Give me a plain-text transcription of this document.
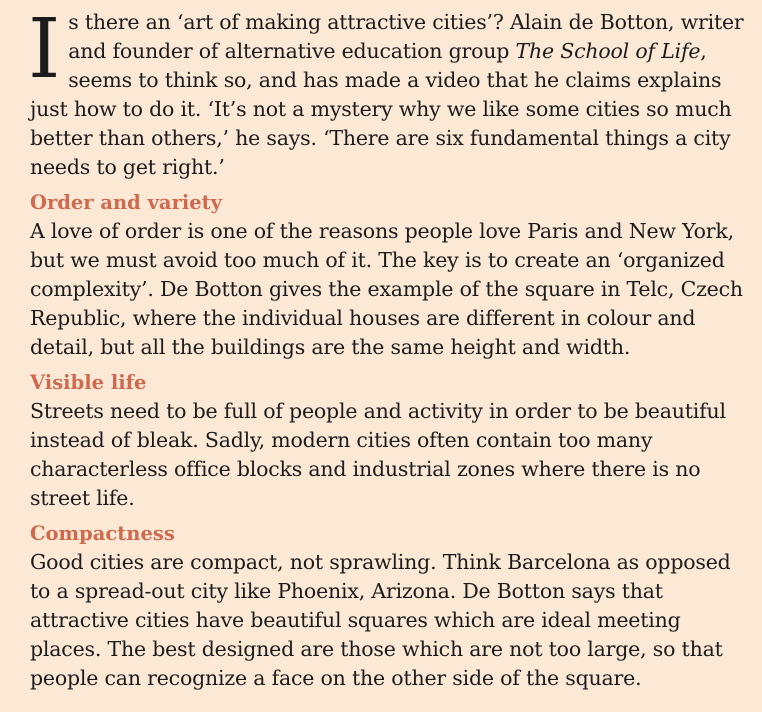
I s there an ‘art of making attractive cities’? Alain de Botton, writer and founder of alternative education group The School of Life, seems to think so, and has made a video that he claims explains just how to do it. ‘It’s not a mystery why we like some cities so much better than others,’ he says. ‘There are six fundamental things a city needs to get right.’

Order and variety

A love of order is one of the reasons people love Paris and New York, but we must avoid too much of it. The key is to create an ‘organized complexity’. De Botton gives the example of the square in Telc, Czech Republic, where the individual houses are different in colour and detail, but all the buildings are the same height and width.

Visible life

Streets need to be full of people and activity in order to be beautiful instead of bleak. Sadly, modern cities often contain too many characterless office blocks and industrial zones where there is no street life.

Compactness

Good cities are compact, not sprawling. Think Barcelona as opposed to a spread-out city like Phoenix, Arizona. De Botton says that attractive cities have beautiful squares which are ideal meeting places. The best designed are those which are not too large, so that people can recognize a face on the other side of the square.
